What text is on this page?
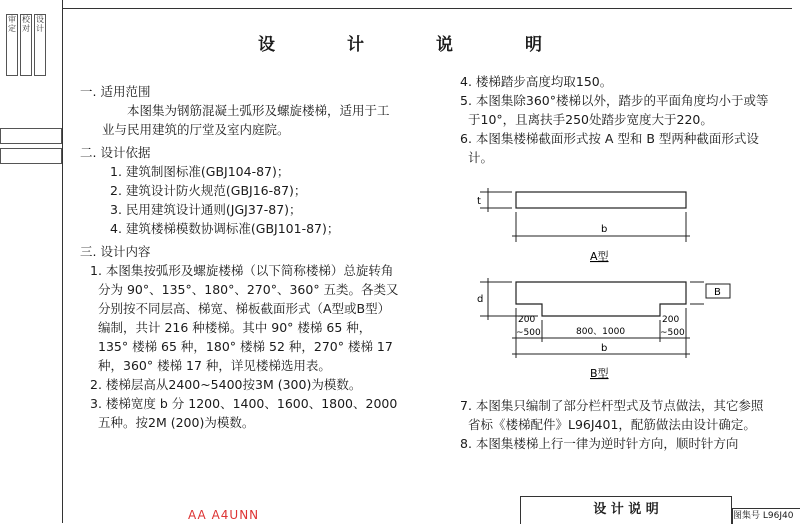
审
定
校
对
设
计
设	计	说	明
一. 适用范围
本图集为钢筋混凝土弧形及螺旋楼梯，适用于工业与民用建筑的厅堂及室内庭院。
二. 设计依据
1. 建筑制图标准(GBJ104-87)；
2. 建筑设计防火规范(GBJ16-87)；
3. 民用建筑设计通则(JGJ37-87)；
4. 建筑楼梯模数协调标准(GBJ101-87)；
三. 设计内容
1. 本图集按弧形及螺旋楼梯（以下简称楼梯）总旋转角分为 90°、135°、180°、270°、360° 五类。各类又分别按不同层高、梯宽、梯板截面形式（A型或B型）编制，共计 216 种楼梯。其中 90° 楼梯 65 种，135° 楼梯 65 种，180° 楼梯 52 种，270° 楼梯 17 种，360° 楼梯 17 种，详见楼梯选用表。
2. 楼梯层高从2400~5400按3M (300)为模数。
3. 楼梯宽度 b 分 1200、1400、1600、1800、2000 五种。按2M (200)为模数。
4. 楼梯踏步高度均取150。
5. 本图集除360°楼梯以外，踏步的平面角度均小于或等于10°，且离扶手250处踏步宽度大于220。
6. 本图集楼梯截面形式按 A 型和 B 型两种截面形式设计。
t
b
A型
d
B
200
~500	800、1000
200
~500
b
B型
7. 本图集只编制了部分栏杆型式及节点做法，其它参照省标《楼梯配件》L96J401，配筋做法由设计确定。
8. 本图集楼梯上行一律为逆时针方向，顺时针方向
设 计 说 明	图集号 L96J40
AA A4UNN
